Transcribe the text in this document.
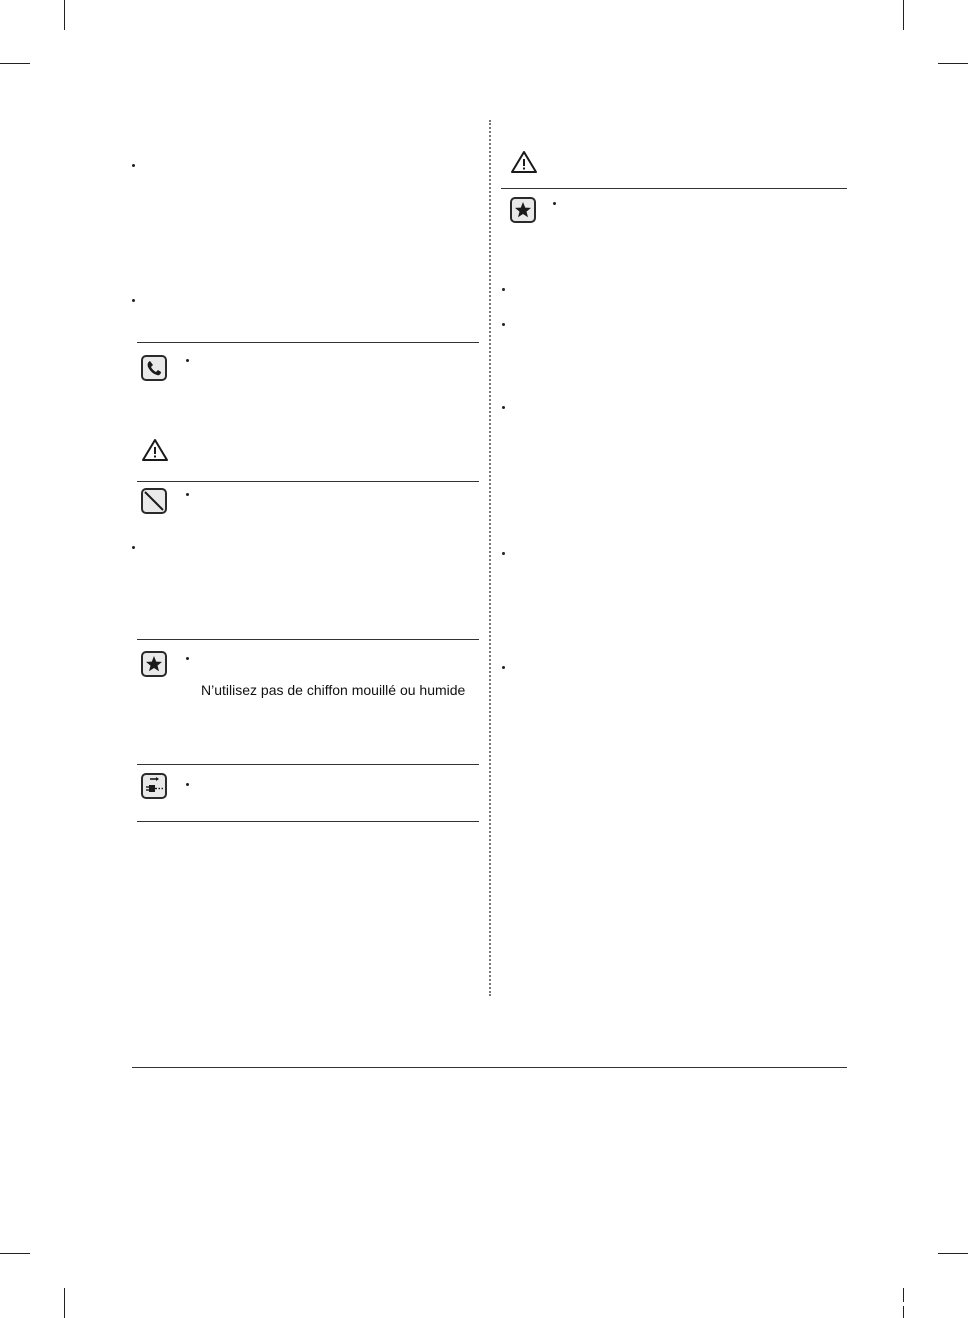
N’utilisez pas de chiffon mouillé ou humide
